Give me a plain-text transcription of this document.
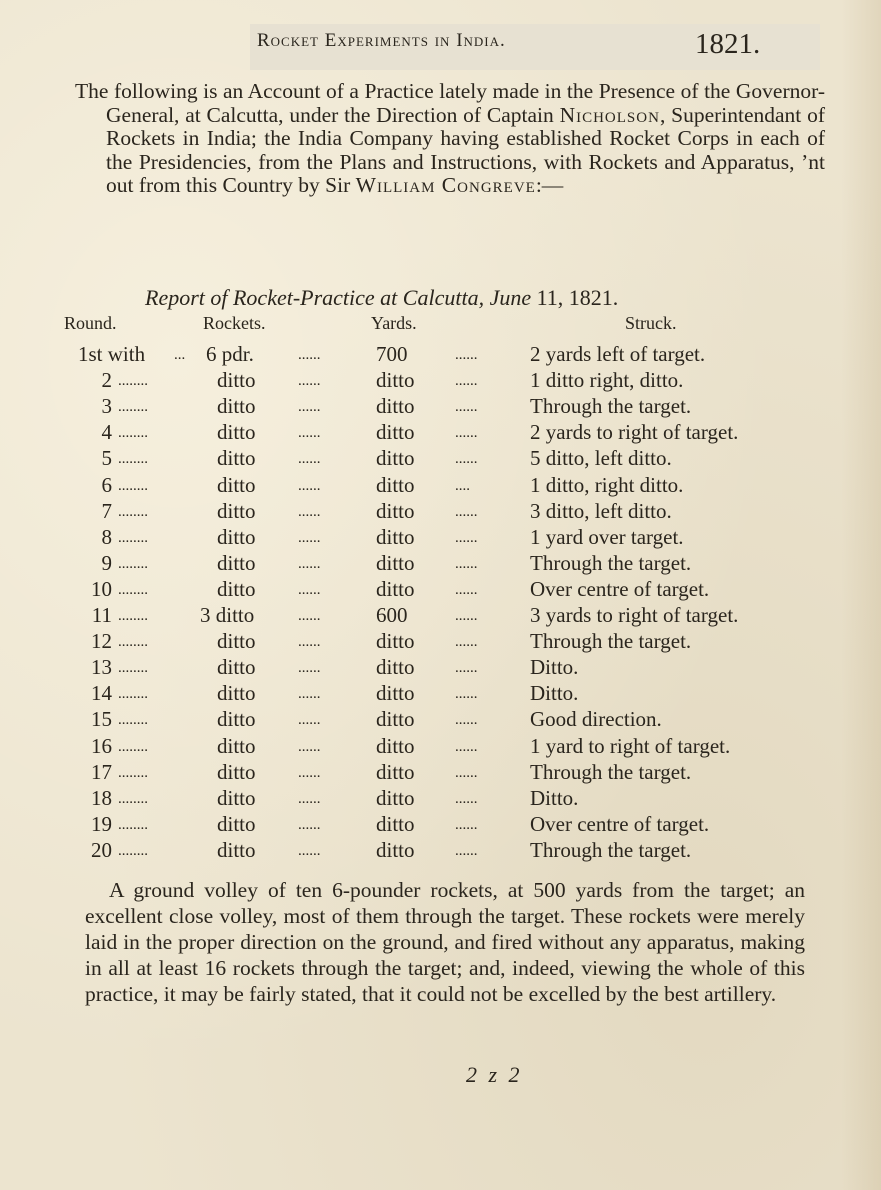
Rocket Experiments in India.	1821.

The following is an Account of a Practice lately made in the Presence of the Governor-General, at Calcutta, under the Direction of Captain Nicholson, Superintendant of Rockets in India; the India Company having established Rocket Corps in each of the Presidencies, from the Plans and Instructions, with Rockets and Apparatus, ’nt out from this Country by Sir William Congreve:—

Report of Rocket-Practice at Calcutta, June 11, 1821.
Round.	Rockets.	Yards.	Struck.
1st with ... 6 pdr.	......	700	......	2 yards left of target.
2 ........	ditto	......	ditto	......	1 ditto right, ditto.
3 ........	ditto	......	ditto	......	Through the target.
4 ........	ditto	......	ditto	......	2 yards to right of target.
5 ........	ditto	......	ditto	......	5 ditto, left ditto.
6 ........	ditto	......	ditto	....	1 ditto, right ditto.
7 ........	ditto	......	ditto	......	3 ditto, left ditto.
8 ........	ditto	......	ditto	......	1 yard over target.
9 ........	ditto	......	ditto	......	Through the target.
10 ........	ditto	......	ditto	......	Over centre of target.
11 ........ 3 ditto	......	600	......	3 yards to right of target.
12 ........	ditto	......	ditto	......	Through the target.
13 ........	ditto	......	ditto	......	Ditto.
14 ........	ditto	......	ditto	......	Ditto.
15 ........	ditto	......	ditto	......	Good direction.
16 ........	ditto	......	ditto	......	1 yard to right of target.
17 ........	ditto	......	ditto	......	Through the target.
18 ........	ditto	......	ditto	......	Ditto.
19 ........	ditto	......	ditto	......	Over centre of target.
20 ........	ditto	......	ditto	......	Through the target.

A ground volley of ten 6-pounder rockets, at 500 yards from the target; an excellent close volley, most of them through the target. These rockets were merely laid in the proper direction on the ground, and fired without any apparatus, making in all at least 16 rockets through the target; and, indeed, viewing the whole of this practice, it may be fairly stated, that it could not be excelled by the best artillery.

2 z 2
